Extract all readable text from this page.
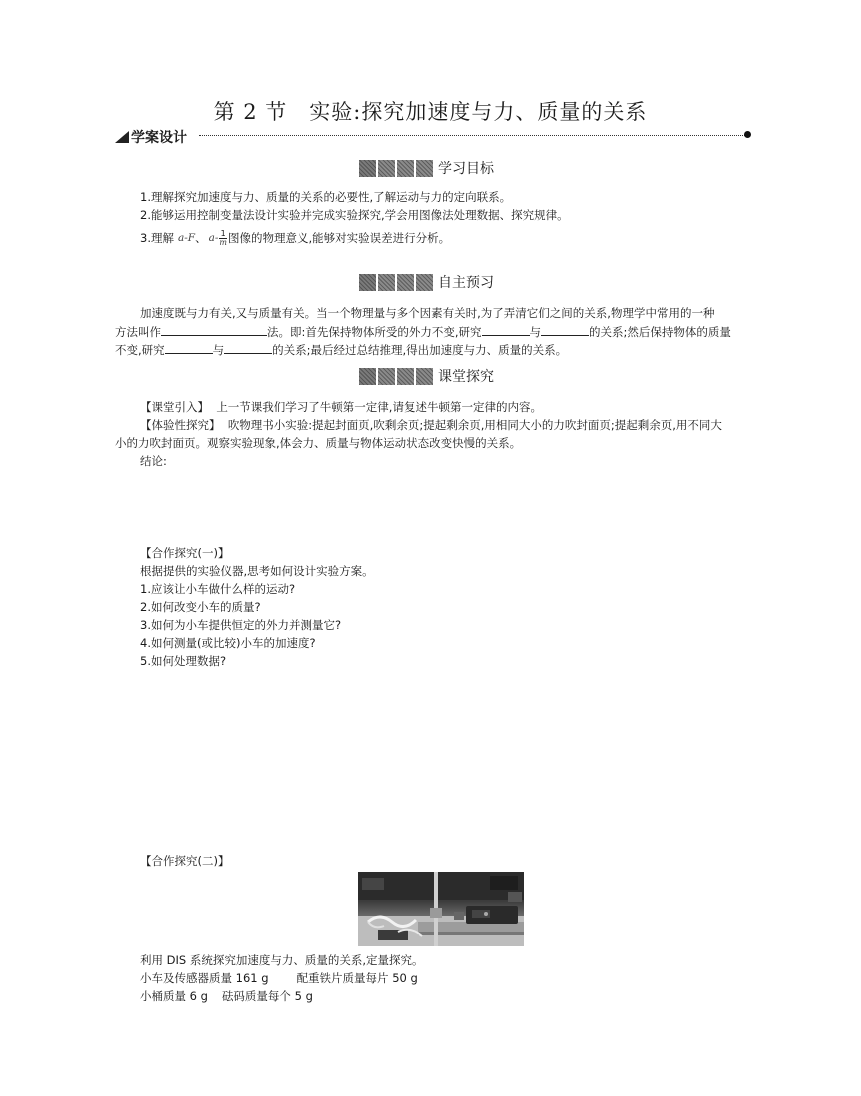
第 2 节　实验:探究加速度与力、质量的关系
学案设计
学习目标
1.理解探究加速度与力、质量的关系的必要性,了解运动与力的定向联系。
2.能够运用控制变量法设计实验并完成实验探究,学会用图像法处理数据、探究规律。
3.理解 a-F 、 $a- \frac{1}{m}$ 图像的物理意义,能够对实验误差进行分析。
自主预习
加速度既与力有关,又与质量有关。当一个物理量与多个因素有关时,为了弄清它们之间的关系,物理学中常用的一种
方法叫作	法。即:首先保持物体所受的外力不变,研究	与	的关系;然后保持物体的质量
不变,研究	与	的关系;最后经过总结推理,得出加速度与力、质量的关系。
课堂探究
【课堂引入】 上一节课我们学习了牛顿第一定律,请复述牛顿第一定律的内容。
【体验性探究】 吹物理书小实验:提起封面页,吹剩余页;提起剩余页,用相同大小的力吹封面页;提起剩余页,用不同大
小的力吹封面页。观察实验现象,体会力、质量与物体运动状态改变快慢的关系。
结论:
【合作探究(一)】
根据提供的实验仪器,思考如何设计实验方案。
1.应该让小车做什么样的运动?
2.如何改变小车的质量?
3.如何为小车提供恒定的外力并测量它?
4.如何测量(或比较)小车的加速度?
5.如何处理数据?
【合作探究(二)】
利用 DIS 系统探究加速度与力、质量的关系,定量探究。
小车及传感器质量 161 g 配重铁片质量每片 50 g
小桶质量 6 g 砝码质量每个 5 g
